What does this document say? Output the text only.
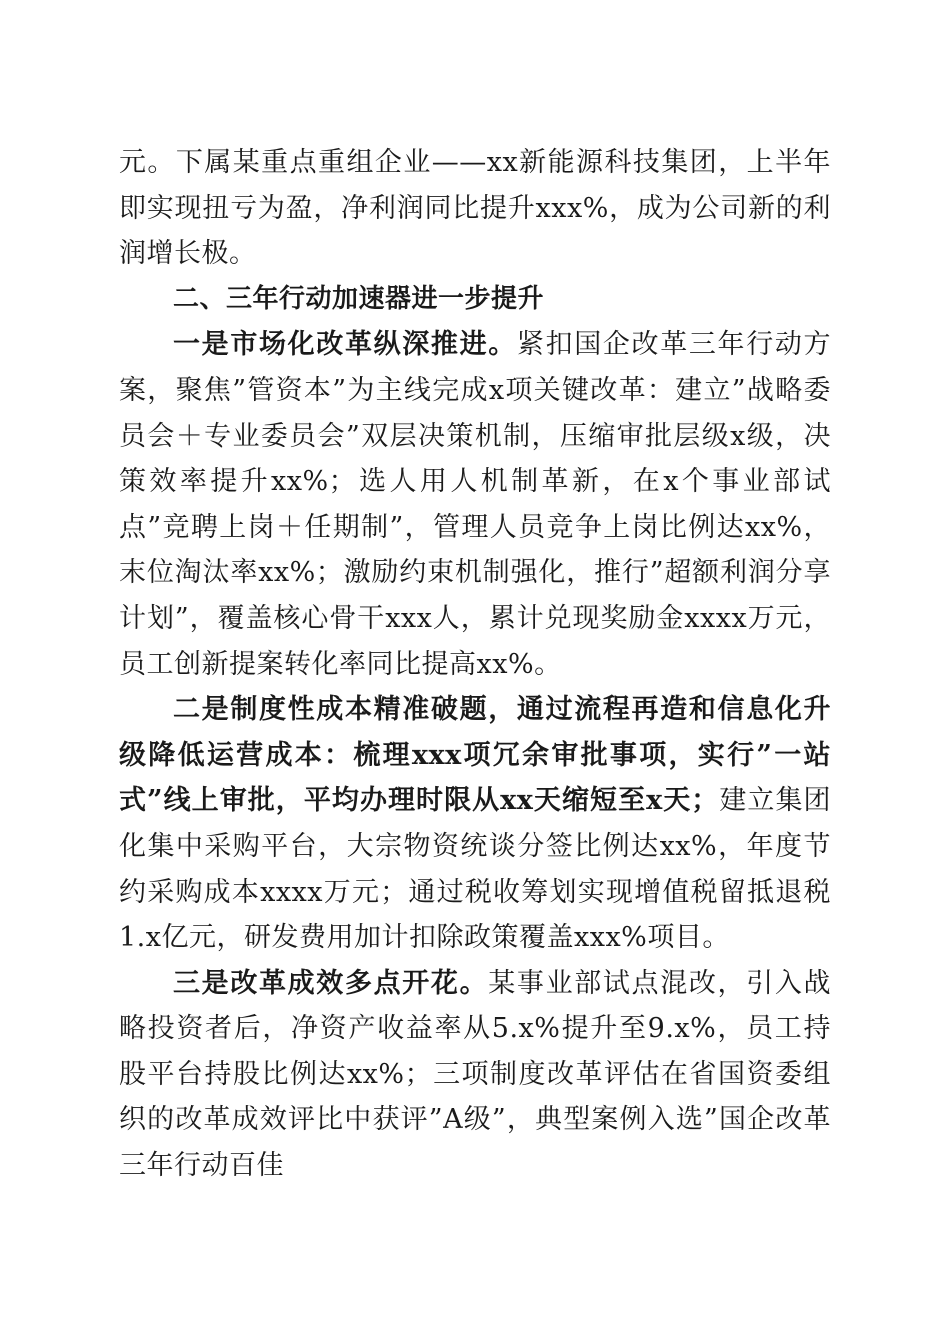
元。下属某重点重组企业——xx新能源科技集团，上半年即实现扭亏为盈，净利润同比提升xxx%，成为公司新的利润增长极。

二、三年行动加速器进一步提升

一是市场化改革纵深推进。紧扣国企改革三年行动方案，聚焦”管资本”为主线完成x项关键改革：建立”战略委员会＋专业委员会”双层决策机制，压缩审批层级x级，决策效率提升xx%；选人用人机制革新，在x个事业部试点”竞聘上岗＋任期制”，管理人员竞争上岗比例达xx%，末位淘汰率xx%；激励约束机制强化，推行”超额利润分享计划”，覆盖核心骨干xxx人，累计兑现奖励金xxxx万元，员工创新提案转化率同比提高xx%。

二是制度性成本精准破题，通过流程再造和信息化升级降低运营成本：梳理xxx项冗余审批事项，实行”一站式”线上审批，平均办理时限从xx天缩短至x天；建立集团化集中采购平台，大宗物资统谈分签比例达xx%，年度节约采购成本xxxx万元；通过税收筹划实现增值税留抵退税1.x亿元，研发费用加计扣除政策覆盖xxx%项目。

三是改革成效多点开花。某事业部试点混改，引入战略投资者后，净资产收益率从5.x%提升至9.x%，员工持股平台持股比例达xx%；三项制度改革评估在省国资委组织的改革成效评比中获评”A级”，典型案例入选”国企改革三年行动百佳
